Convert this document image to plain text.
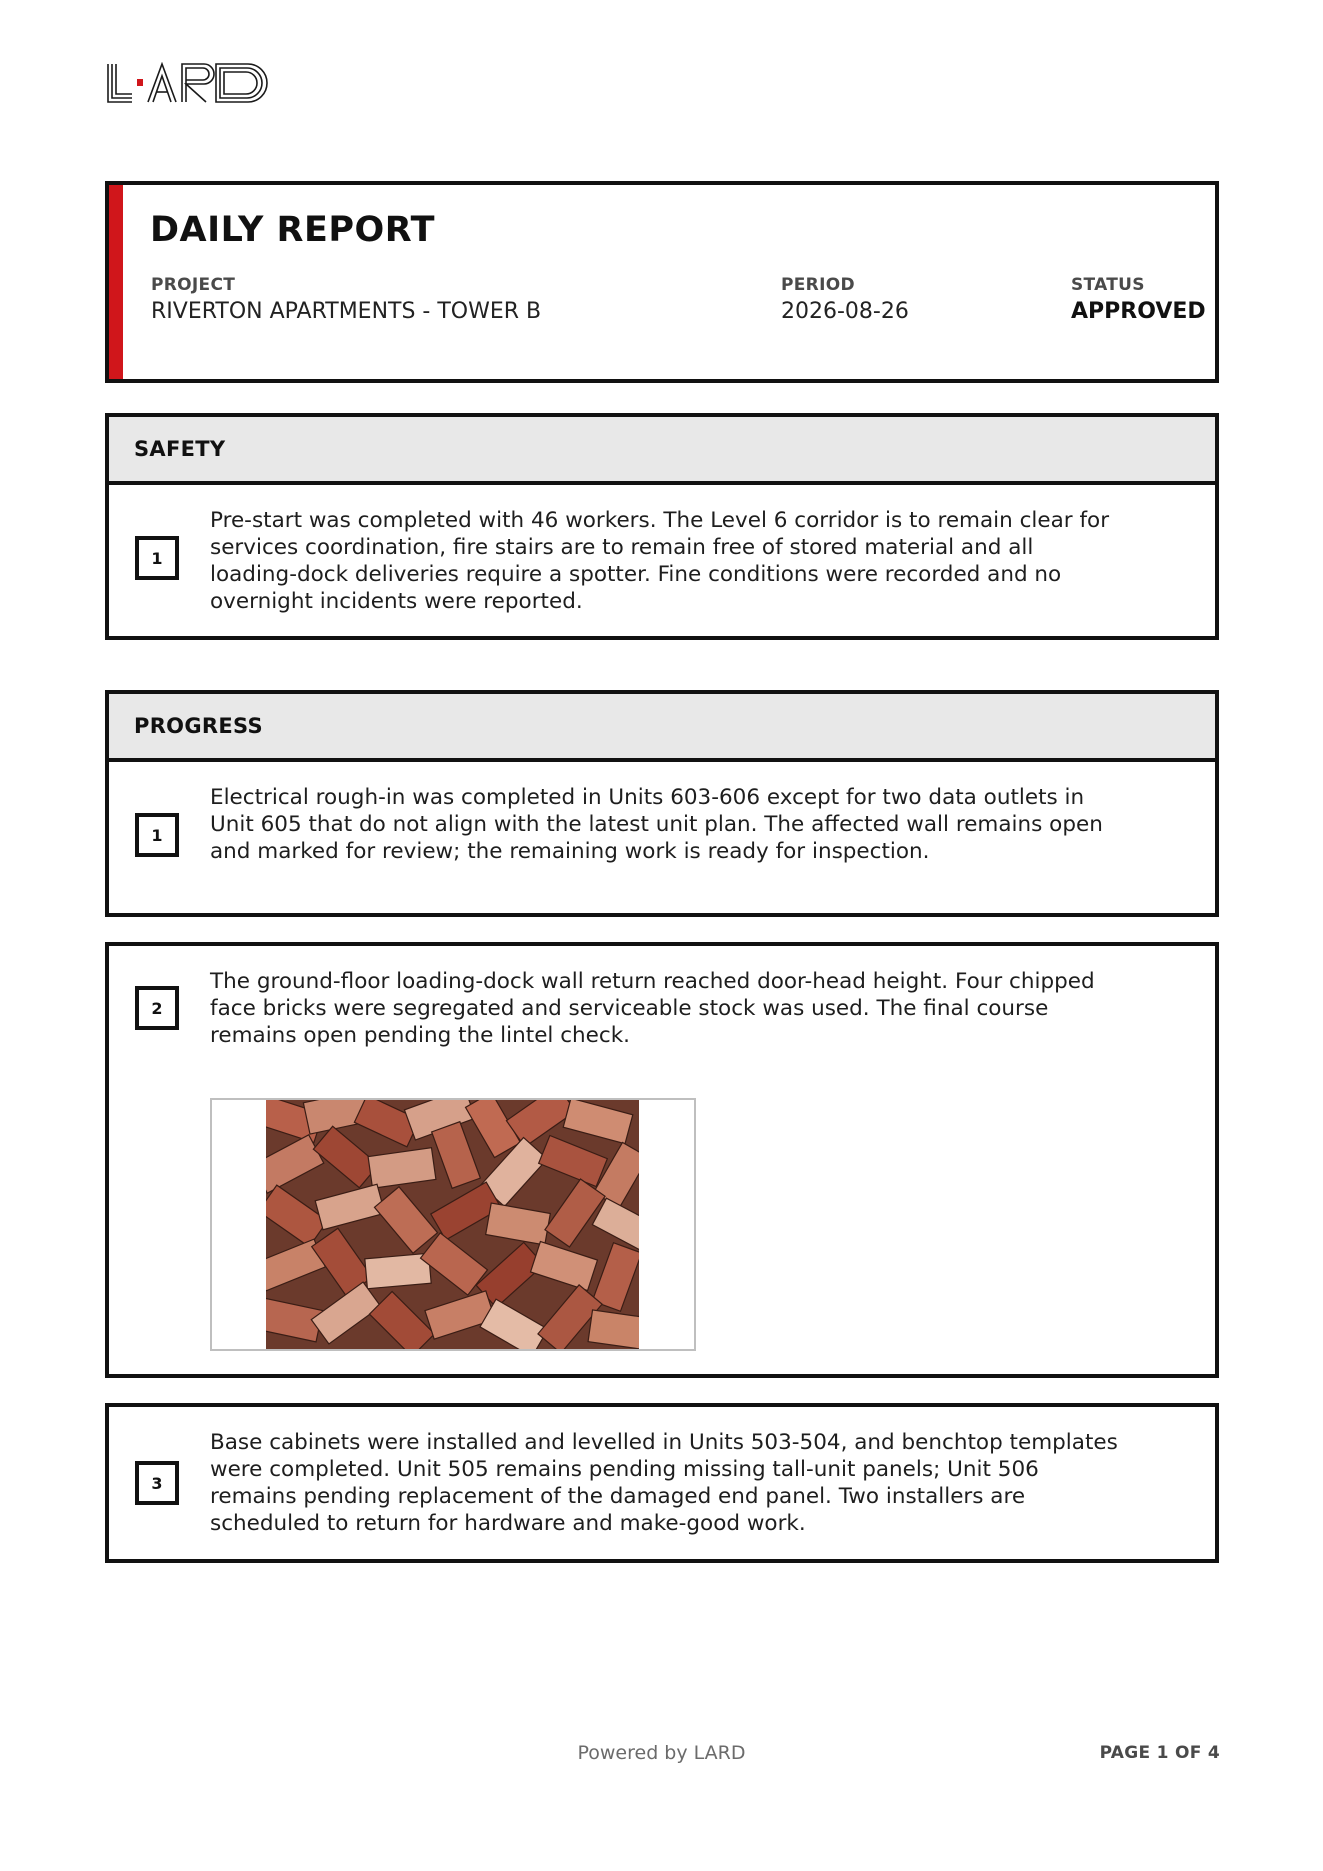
DAILY REPORT
PROJECT
RIVERTON APARTMENTS - TOWER B
PERIOD
2026-08-26
STATUS
APPROVED
SAFETY
1
Pre-start was completed with 46 workers. The Level 6 corridor is to remain clear for services coordination, fire stairs are to remain free of stored material and all loading-dock deliveries require a spotter. Fine conditions were recorded and no overnight incidents were reported.
PROGRESS
1
Electrical rough-in was completed in Units 603-606 except for two data outlets in Unit 605 that do not align with the latest unit plan. The affected wall remains open and marked for review; the remaining work is ready for inspection.
2
The ground-floor loading-dock wall return reached door-head height. Four chipped face bricks were segregated and serviceable stock was used. The final course remains open pending the lintel check.
3
Base cabinets were installed and levelled in Units 503-504, and benchtop templates were completed. Unit 505 remains pending missing tall-unit panels; Unit 506 remains pending replacement of the damaged end panel. Two installers are scheduled to return for hardware and make-good work.
Powered by LARD	PAGE 1 OF 4
